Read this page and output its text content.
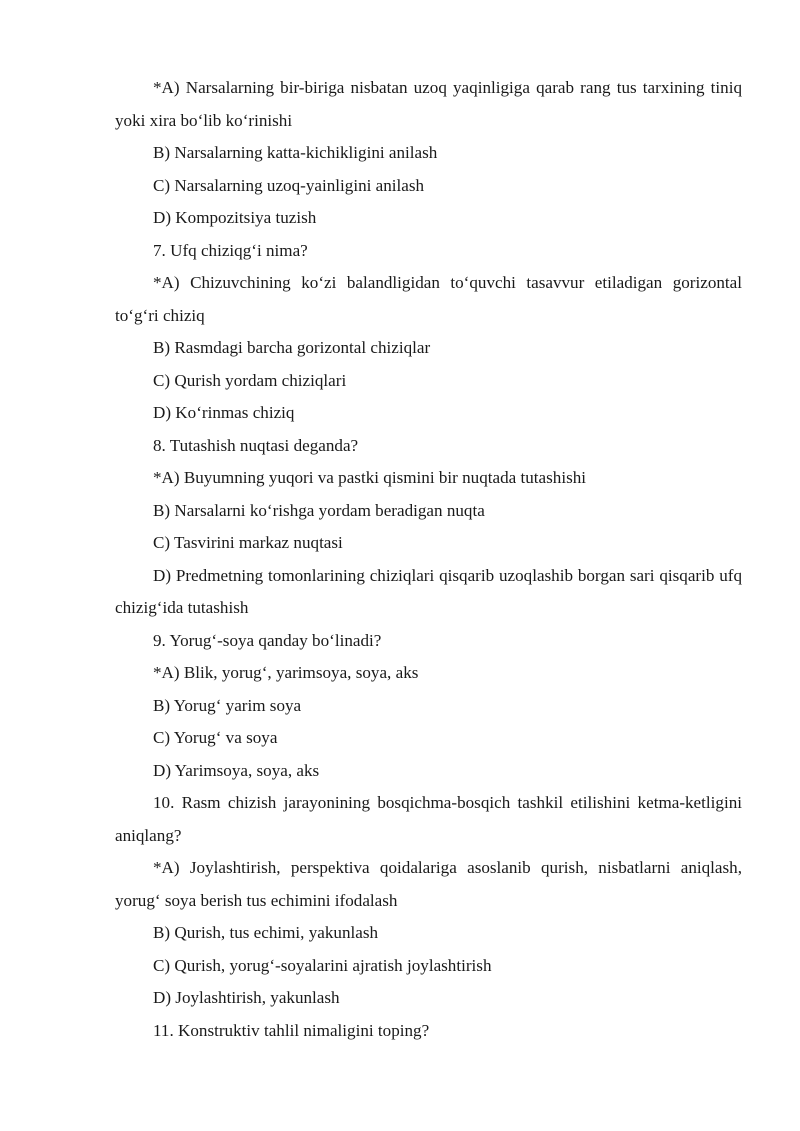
*A) Narsalarning bir-biriga nisbatan uzoq yaqinligiga qarab rang tus tarxining tiniq yoki xira bo‘lib ko‘rinishi

B) Narsalarning katta-kichikligini anilash

C) Narsalarning uzoq-yainligini anilash

D) Kompozitsiya tuzish

7. Ufq chiziqg‘i nima?

*A) Chizuvchining ko‘zi balandligidan to‘quvchi tasavvur etiladigan gorizontal to‘g‘ri chiziq

B) Rasmdagi barcha gorizontal chiziqlar

C) Qurish yordam chiziqlari

D) Ko‘rinmas chiziq

8. Tutashish nuqtasi deganda?

*A) Buyumning yuqori va pastki qismini bir nuqtada tutashishi

B) Narsalarni ko‘rishga yordam beradigan nuqta

C) Tasvirini markaz nuqtasi

D) Predmetning tomonlarining chiziqlari qisqarib uzoqlashib borgan sari qisqarib ufq chizig‘ida tutashish

9. Yorug‘-soya qanday bo‘linadi?

*A) Blik, yorug‘, yarimsoya, soya, aks

B) Yorug‘ yarim soya

C) Yorug‘ va soya

D) Yarimsoya, soya, aks

10. Rasm chizish jarayonining bosqichma-bosqich tashkil etilishini ketma-ketligini aniqlang?

*A) Joylashtirish, perspektiva qoidalariga asoslanib qurish, nisbatlarni aniqlash, yorug‘ soya berish tus echimini ifodalash

B) Qurish, tus echimi, yakunlash

C) Qurish, yorug‘-soyalarini ajratish joylashtirish

D) Joylashtirish, yakunlash

11. Konstruktiv tahlil nimaligini toping?
